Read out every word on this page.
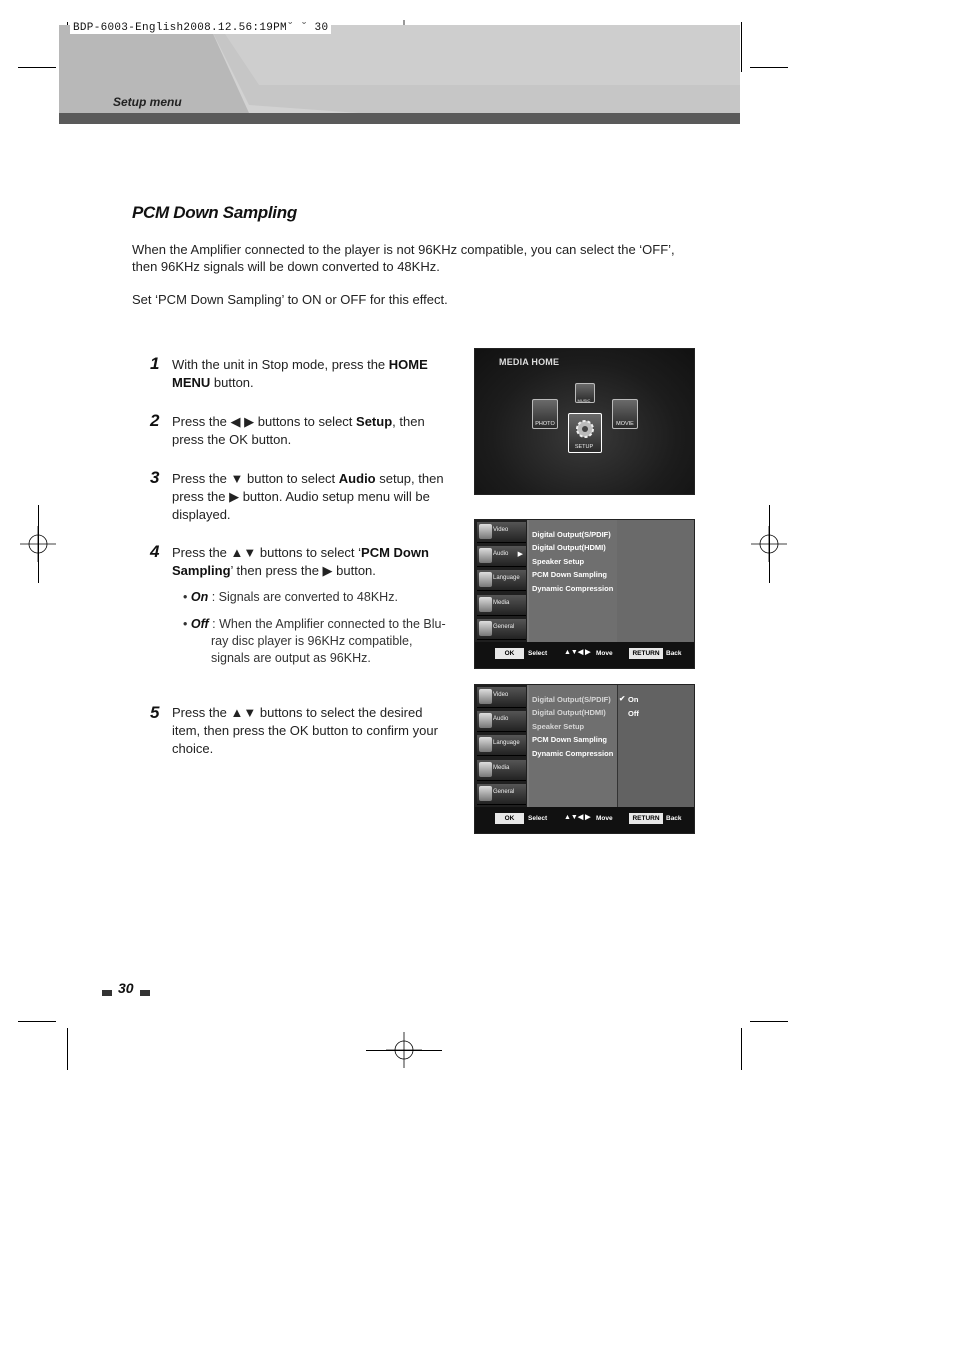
BDP-6003-English2008.12.56:19PM˘ ˘ 30
Setup menu
PCM Down Sampling
When the Amplifier connected to the player is not 96KHz compatible, you can select the ‘OFF’, then 96KHz signals will be down converted to 48KHz.
Set ‘PCM Down Sampling’ to ON or OFF for this effect.
1 With the unit in Stop mode, press the HOME MENU button.
2 Press the ◀ ▶ buttons to select Setup, then press the OK button.
3 Press the ▼ button to select Audio setup, then press the ▶ button. Audio setup menu will be displayed.
4 Press the ▲▼ buttons to select ‘PCM Down Sampling’ then press the ▶ button.
• On : Signals are converted to 48KHz.
• Off : When the Amplifier connected to the Blu-
ray disc player is 96KHz compatible, signals are output as 96KHz.
5 Press the ▲▼ buttons to select the desired item, then press the OK button to confirm your choice.
MEDIA HOME
MUSIC
PHOTO	MOVIE
SETUP
Video
Audio ▶
Language
Media
General
Digital Output(S/PDIF)
Digital Output(HDMI)
Speaker Setup
PCM Down Sampling
Dynamic Compression
OK	Select ▲▼◀ ▶ Move	RETURN Back
Video
Audio
Language
Media
General
Digital Output(S/PDIF)
Digital Output(HDMI)
Speaker Setup
PCM Down Sampling
Dynamic Compression
✔ On
Off
OK	Select ▲▼◀ ▶ Move	RETURN Back
30
